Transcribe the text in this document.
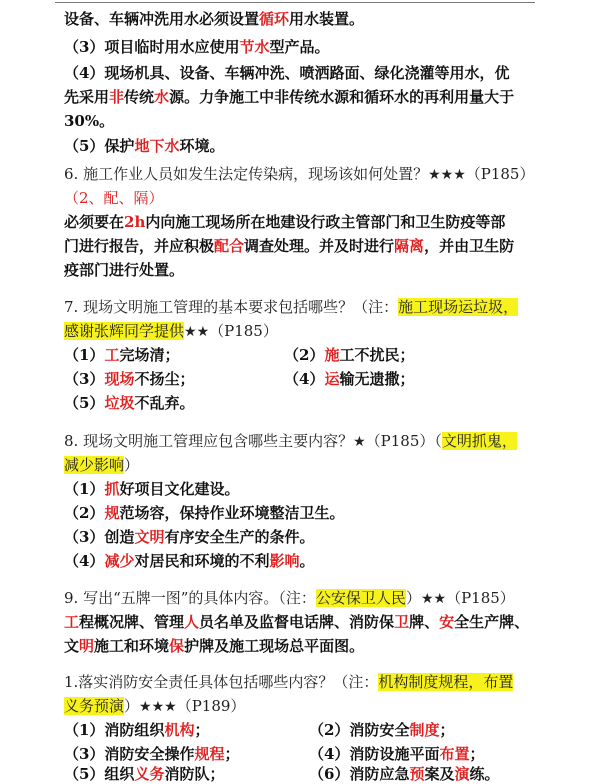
设备、车辆冲洗用水必须设置循环用水装置。
（3）项目临时用水应使用节水型产品。
（4）现场机具、设备、车辆冲洗、喷洒路面、绿化浇灌等用水，优
先采用非传统水源。力争施工中非传统水源和循环水的再利用量大于
30%。
（5）保护地下水环境。
6. 施工作业人员如发生法定传染病，现场该如何处置？★★★（P185）
（2、配、隔）
必须要在2h内向施工现场所在地建设行政主管部门和卫生防疫等部
门进行报告，并应积极配合调查处理。并及时进行隔离，并由卫生防
疫部门进行处置。
7. 现场文明施工管理的基本要求包括哪些？（注：施工现场运垃圾，
感谢张辉同学提供★★（P185）
（1）工完场清；	（2）施工不扰民；
（3）现场不扬尘；	（4）运输无遗撒；
（5）垃圾不乱弃。
8. 现场文明施工管理应包含哪些主要内容？★（P185）（文明抓鬼，
减少影响）
（1）抓好项目文化建设。
（2）规范场容，保持作业环境整洁卫生。
（3）创造文明有序安全生产的条件。
（4）减少对居民和环境的不利影响。
9. 写出“五牌一图”的具体内容。（注：公安保卫人民）★★（P185）
工程概况牌、管理人员名单及监督电话牌、消防保卫牌、安全生产牌、
文明施工和环境保护牌及施工现场总平面图。
1.落实消防安全责任具体包括哪些内容？（注：机构制度规程，布置
义务预演）★★★（P189）
（1）消防组织机构；	（2）消防安全制度；
（3）消防安全操作规程；	（4）消防设施平面布置；
（5）组织义务消防队；	（6）消防应急预案及演练。
